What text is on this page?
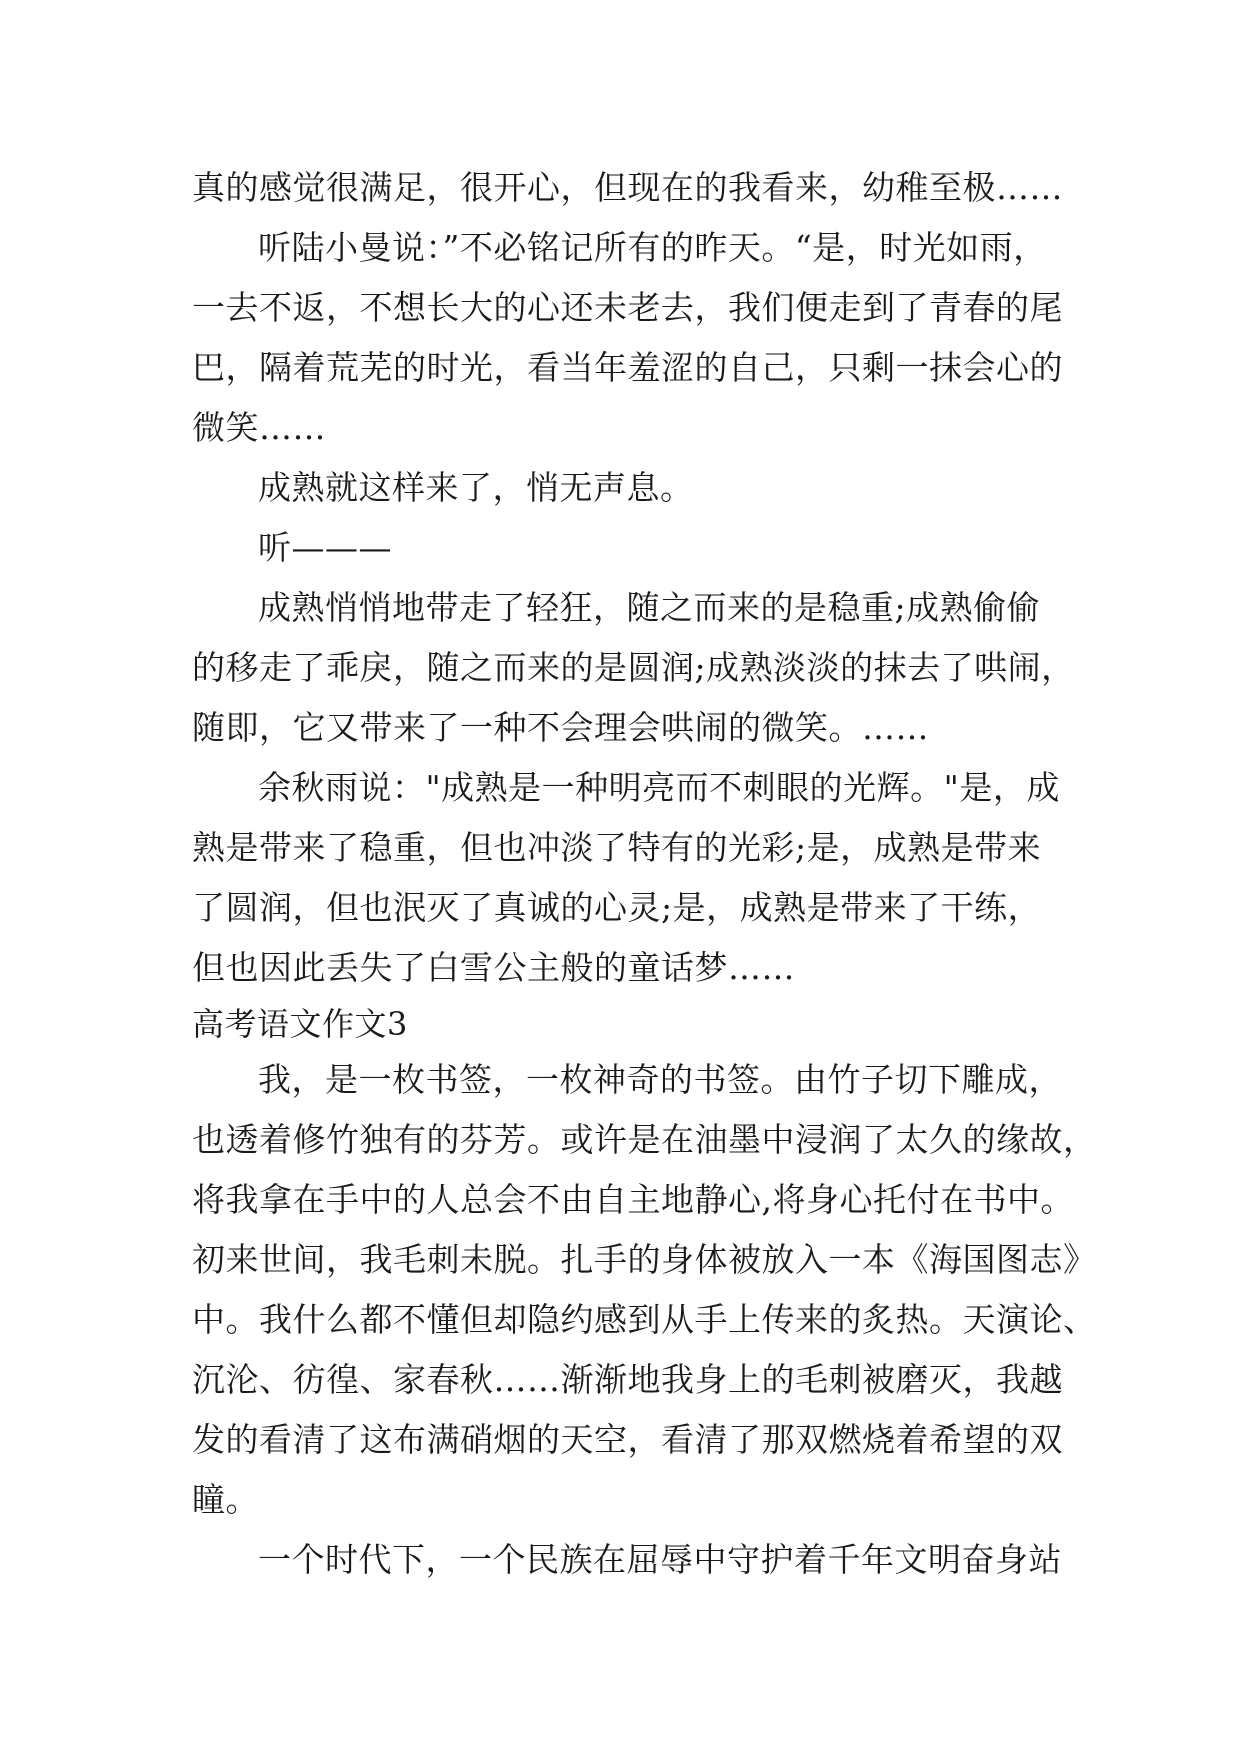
真的感觉很满足，很开心，但现在的我看来，幼稚至极……
听陆小曼说：”不必铭记所有的昨天。“是，时光如雨，
一去不返，不想长大的心还未老去，我们便走到了青春的尾
巴，隔着荒芜的时光，看当年羞涩的自己，只剩一抹会心的
微笑……
成熟就这样来了，悄无声息。
听———
成熟悄悄地带走了轻狂，随之而来的是稳重;成熟偷偷
的移走了乖戾，随之而来的是圆润;成熟淡淡的抹去了哄闹，
随即，它又带来了一种不会理会哄闹的微笑。……
余秋雨说："成熟是一种明亮而不刺眼的光辉。"是，成
熟是带来了稳重，但也冲淡了特有的光彩;是，成熟是带来
了圆润，但也泯灭了真诚的心灵;是，成熟是带来了干练，
但也因此丢失了白雪公主般的童话梦……
高考语文作文3
我，是一枚书签，一枚神奇的书签。由竹子切下雕成，
也透着修竹独有的芬芳。或许是在油墨中浸润了太久的缘故，
将我拿在手中的人总会不由自主地静心,将身心托付在书中。
初来世间，我毛刺未脱。扎手的身体被放入一本《海国图志》
中。我什么都不懂但却隐约感到从手上传来的炙热。天演论、
沉沦、彷徨、家春秋……渐渐地我身上的毛刺被磨灭，我越
发的看清了这布满硝烟的天空，看清了那双燃烧着希望的双
瞳。
一个时代下，一个民族在屈辱中守护着千年文明奋身站
